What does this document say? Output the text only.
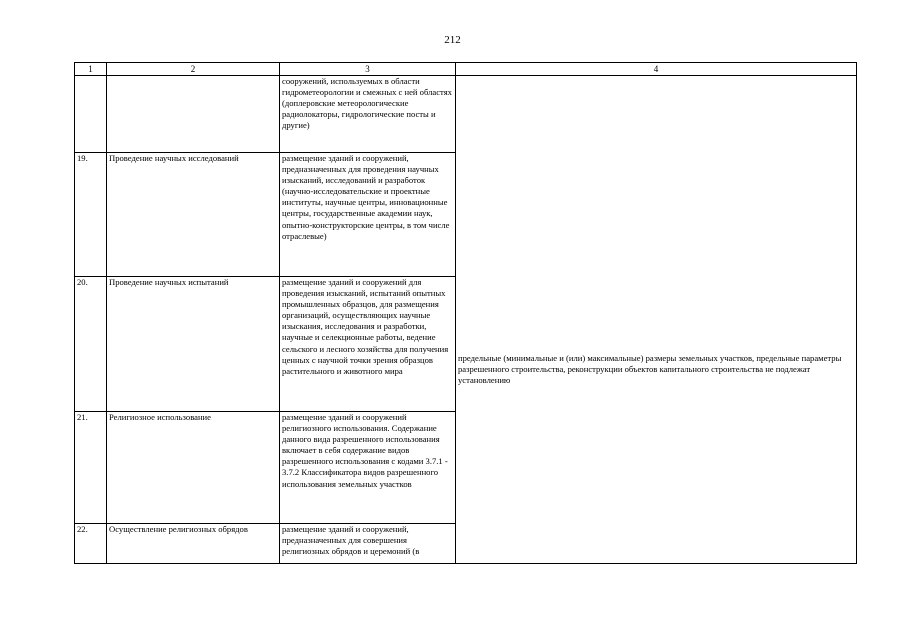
212
1	2	3	4
		сооружений, используемых в области гидрометеорологии и смежных с ней областях (доплеровские метеорологические радиолокаторы, гидрологические посты и другие)	предельные (минимальные и (или) максимальные) размеры земельных участков, предельные параметры разрешенного строительства, реконструкции объектов капитального строительства не подлежат установлению
19.	Проведение научных исследований	размещение зданий и сооружений, предназначенных для проведения научных изысканий, исследований и разработок (научно-исследовательские и проектные институты, научные центры, инновационные центры, государственные академии наук, опытно-конструкторские центры, в том числе отраслевые)	
20.	Проведение научных испытаний	размещение зданий и сооружений для проведения изысканий, испытаний опытных промышленных образцов, для размещения организаций, осуществляющих научные изыскания, исследования и разработки, научные и селекционные работы, ведение сельского и лесного хозяйства для получения ценных с научной точки зрения образцов растительного и животного мира	
21.	Религиозное использование	размещение зданий и сооружений религиозного использования. Содержание данного вида разрешенного использования включает в себя содержание видов разрешенного использования с кодами 3.7.1 - 3.7.2 Классификатора видов разрешенного использования земельных участков	
22.	Осуществление религиозных обрядов	размещение зданий и сооружений, предназначенных для совершения религиозных обрядов и церемоний (в	
